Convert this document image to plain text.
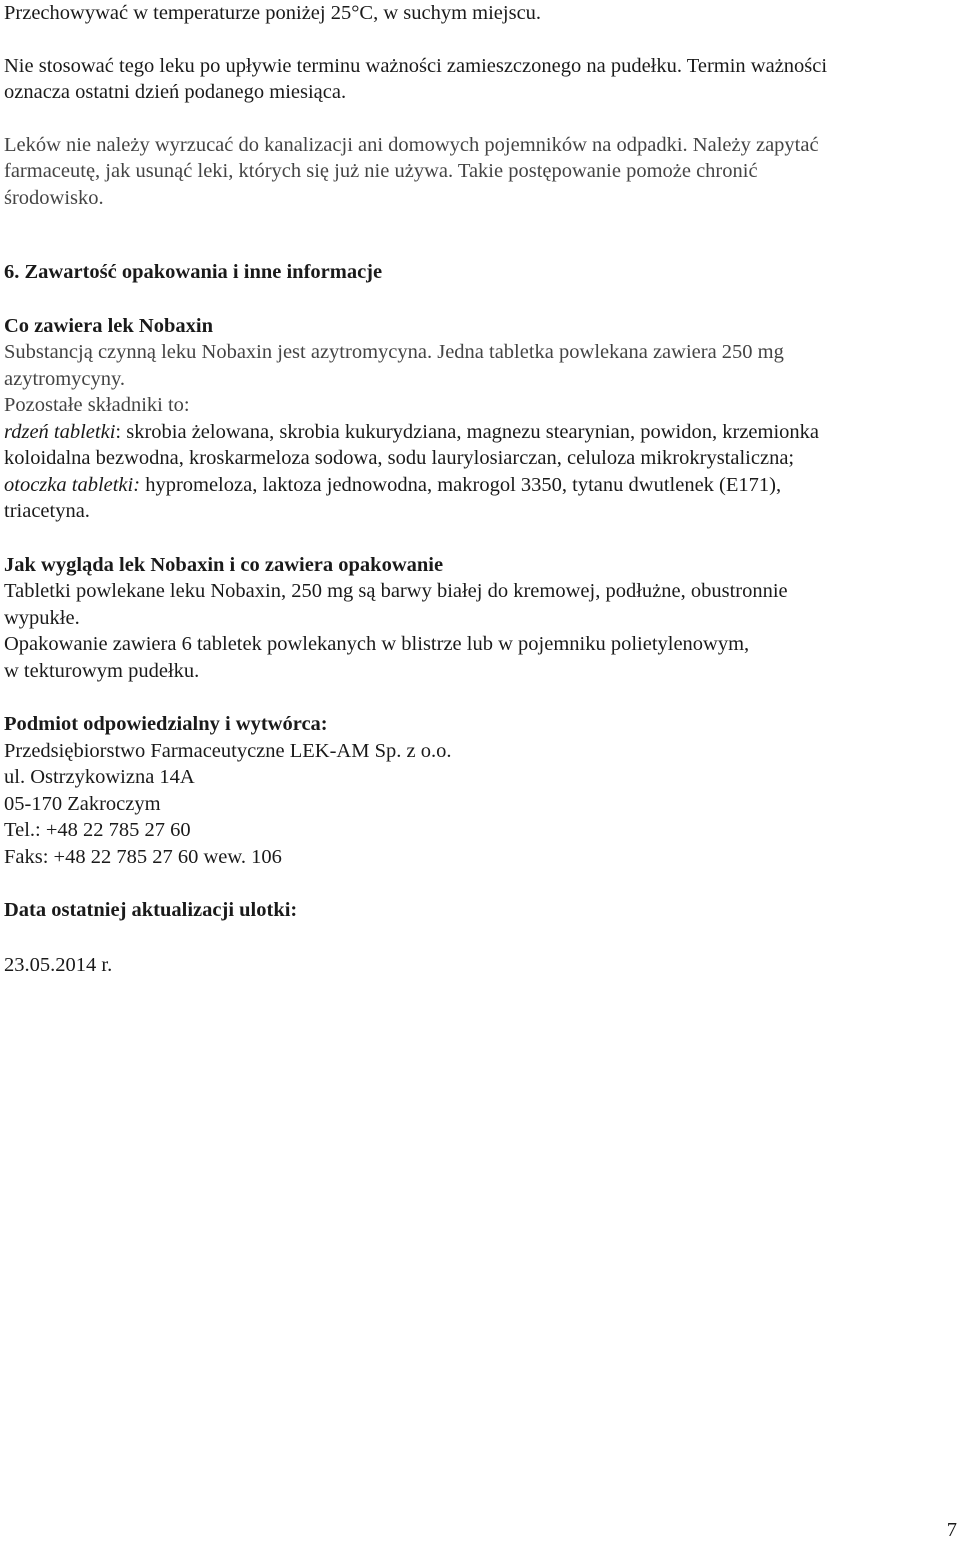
Przechowywać w temperaturze poniżej 25°C, w suchym miejscu.

Nie stosować tego leku po upływie terminu ważności zamieszczonego na pudełku. Termin ważności

oznacza ostatni dzień podanego miesiąca.

Leków nie należy wyrzucać do kanalizacji ani domowych pojemników na odpadki. Należy zapytać

farmaceutę, jak usunąć leki, których się już nie używa. Takie postępowanie pomoże chronić

środowisko.

6. Zawartość opakowania i inne informacje

Co zawiera lek Nobaxin

Substancją czynną leku Nobaxin jest azytromycyna. Jedna tabletka powlekana zawiera 250 mg

azytromycyny.

Pozostałe składniki to:

rdzeń tabletki: skrobia żelowana, skrobia kukurydziana, magnezu stearynian, powidon, krzemionka

koloidalna bezwodna, kroskarmeloza sodowa, sodu laurylosiarczan, celuloza mikrokrystaliczna;

otoczka tabletki: hypromeloza, laktoza jednowodna, makrogol 3350, tytanu dwutlenek (E171),

triacetyna.

Jak wygląda lek Nobaxin i co zawiera opakowanie

Tabletki powlekane leku Nobaxin, 250 mg są barwy białej do kremowej, podłużne, obustronnie

wypukłe.

Opakowanie zawiera 6 tabletek powlekanych w blistrze lub w pojemniku polietylenowym,

w tekturowym pudełku.

Podmiot odpowiedzialny i wytwórca:

Przedsiębiorstwo Farmaceutyczne LEK-AM Sp. z o.o.

ul. Ostrzykowizna 14A

05-170 Zakroczym

Tel.: +48 22 785 27 60

Faks: +48 22 785 27 60 wew. 106

Data ostatniej aktualizacji ulotki:

23.05.2014 r.

7
